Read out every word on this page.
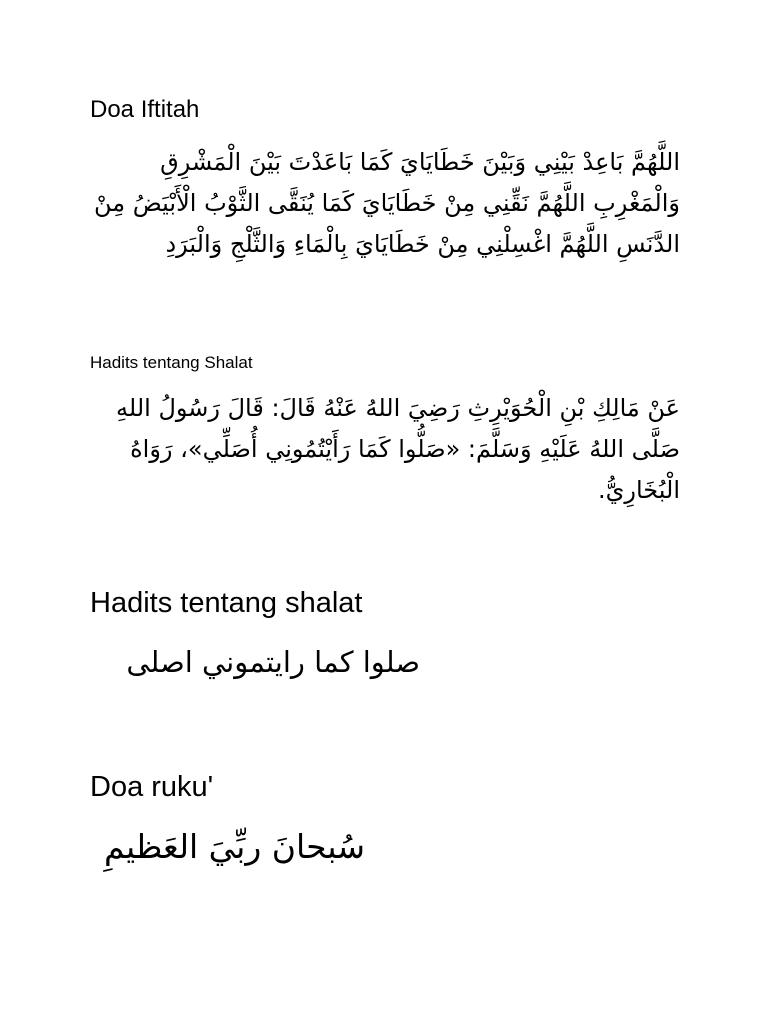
Doa Iftitah
اللَّهُمَّ بَاعِدْ بَيْنِي وَبَيْنَ خَطَايَايَ كَمَا بَاعَدْتَ بَيْنَ الْمَشْرِقِ وَالْمَغْرِبِ اللَّهُمَّ نَقِّنِي مِنْ خَطَايَايَ كَمَا يُنَقَّى الثَّوْبُ الْأَبْيَضُ مِنْ الدَّنَسِ اللَّهُمَّ اغْسِلْنِي مِنْ خَطَايَايَ بِالْمَاءِ وَالثَّلْجِ وَالْبَرَدِ
Hadits tentang Shalat
عَنْ مَالِكِ بْنِ الْحُوَيْرِثِ رَضِيَ اللهُ عَنْهُ قَالَ: قَالَ رَسُولُ اللهِ صَلَّى اللهُ عَلَيْهِ وَسَلَّمَ: «صَلُّوا كَمَا رَأَيْتُمُونِي أُصَلِّي»، رَوَاهُ الْبُخَارِيُّ.
Hadits tentang shalat
صلوا كما رايتموني اصلى
Doa ruku'
سُبحانَ ربِّيَ العَظيمِ
